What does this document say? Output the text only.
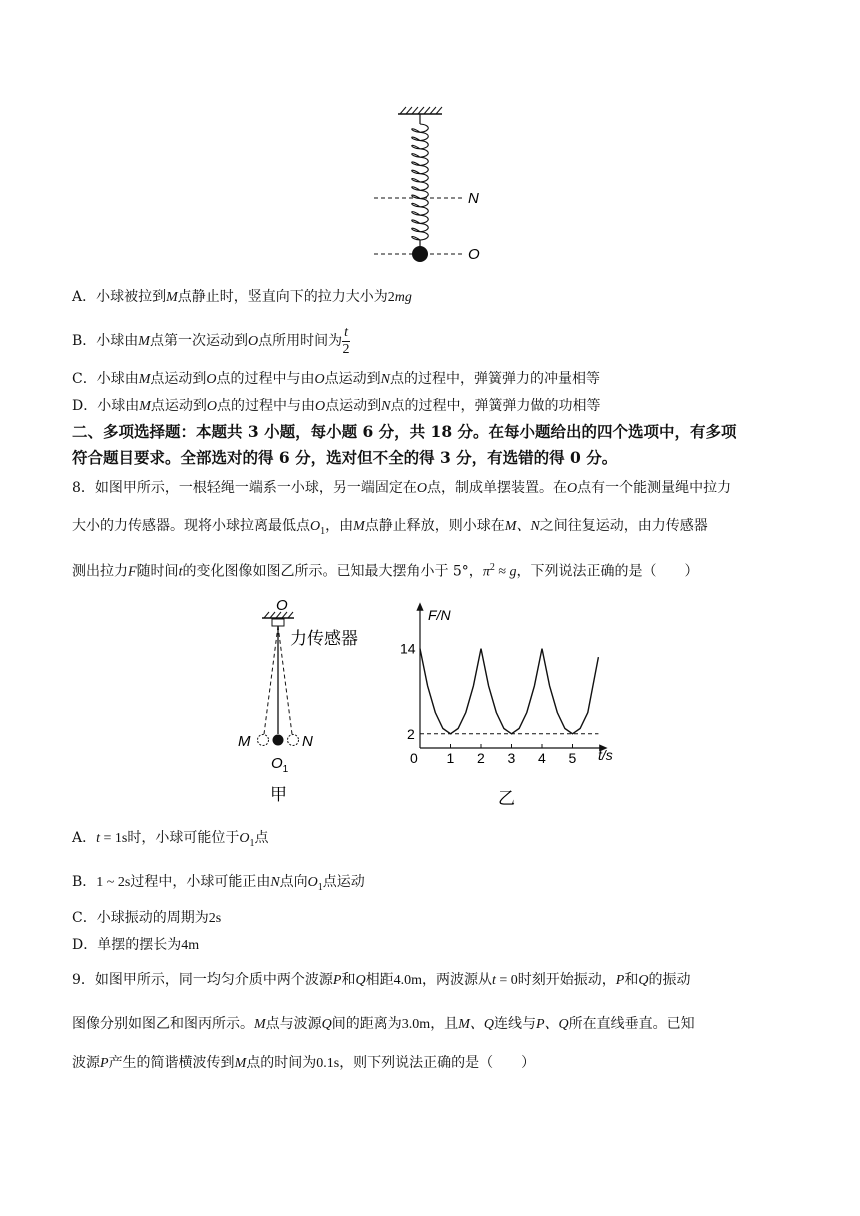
N
O
A．小球被拉到M点静止时，竖直向下的拉力大小为2mg
B．小球由M点第一次运动到O点所用时间为 $\frac{t}{2}$
C．小球由M点运动到O点的过程中与由O点运动到N点的过程中，弹簧弹力的冲量相等
D．小球由M点运动到O点的过程中与由O点运动到N点的过程中，弹簧弹力做的功相等
二、多项选择题：本题共 3 小题，每小题 6 分，共 18 分。在每小题给出的四个选项中，有多项
符合题目要求。全部选对的得 6 分，选对但不全的得 3 分，有选错的得 0 分。
8．如图甲所示，一根轻绳一端系一小球，另一端固定在O点，制成单摆装置。在O点有一个能测量绳中拉力
大小的力传感器。现将小球拉离最低点$O_1$，由M点静止释放，则小球在M、N之间往复运动，由力传感器
测出拉力F随时间t的变化图像如图乙所示。已知最大摆角小于 5°，$\pi^2 \approx g$，下列说法正确的是（　　）
O
力传感器
M	N
$O_1$
甲
F/N
t/s
0 1 2 3 4 5
2
14
乙
A．t = 1s时，小球可能位于$O_1$点
B．1 ~ 2s过程中，小球可能正由N点向$O_1$点运动
C．小球振动的周期为2s
D．单摆的摆长为4m
9．如图甲所示，同一均匀介质中两个波源P和Q相距4.0m，两波源从t = 0时刻开始振动，P和Q的振动
图像分别如图乙和图丙所示。M点与波源Q间的距离为3.0m，且M、Q连线与P、Q所在直线垂直。已知
波源P产生的简谐横波传到M点的时间为0.1s，则下列说法正确的是（　　）
